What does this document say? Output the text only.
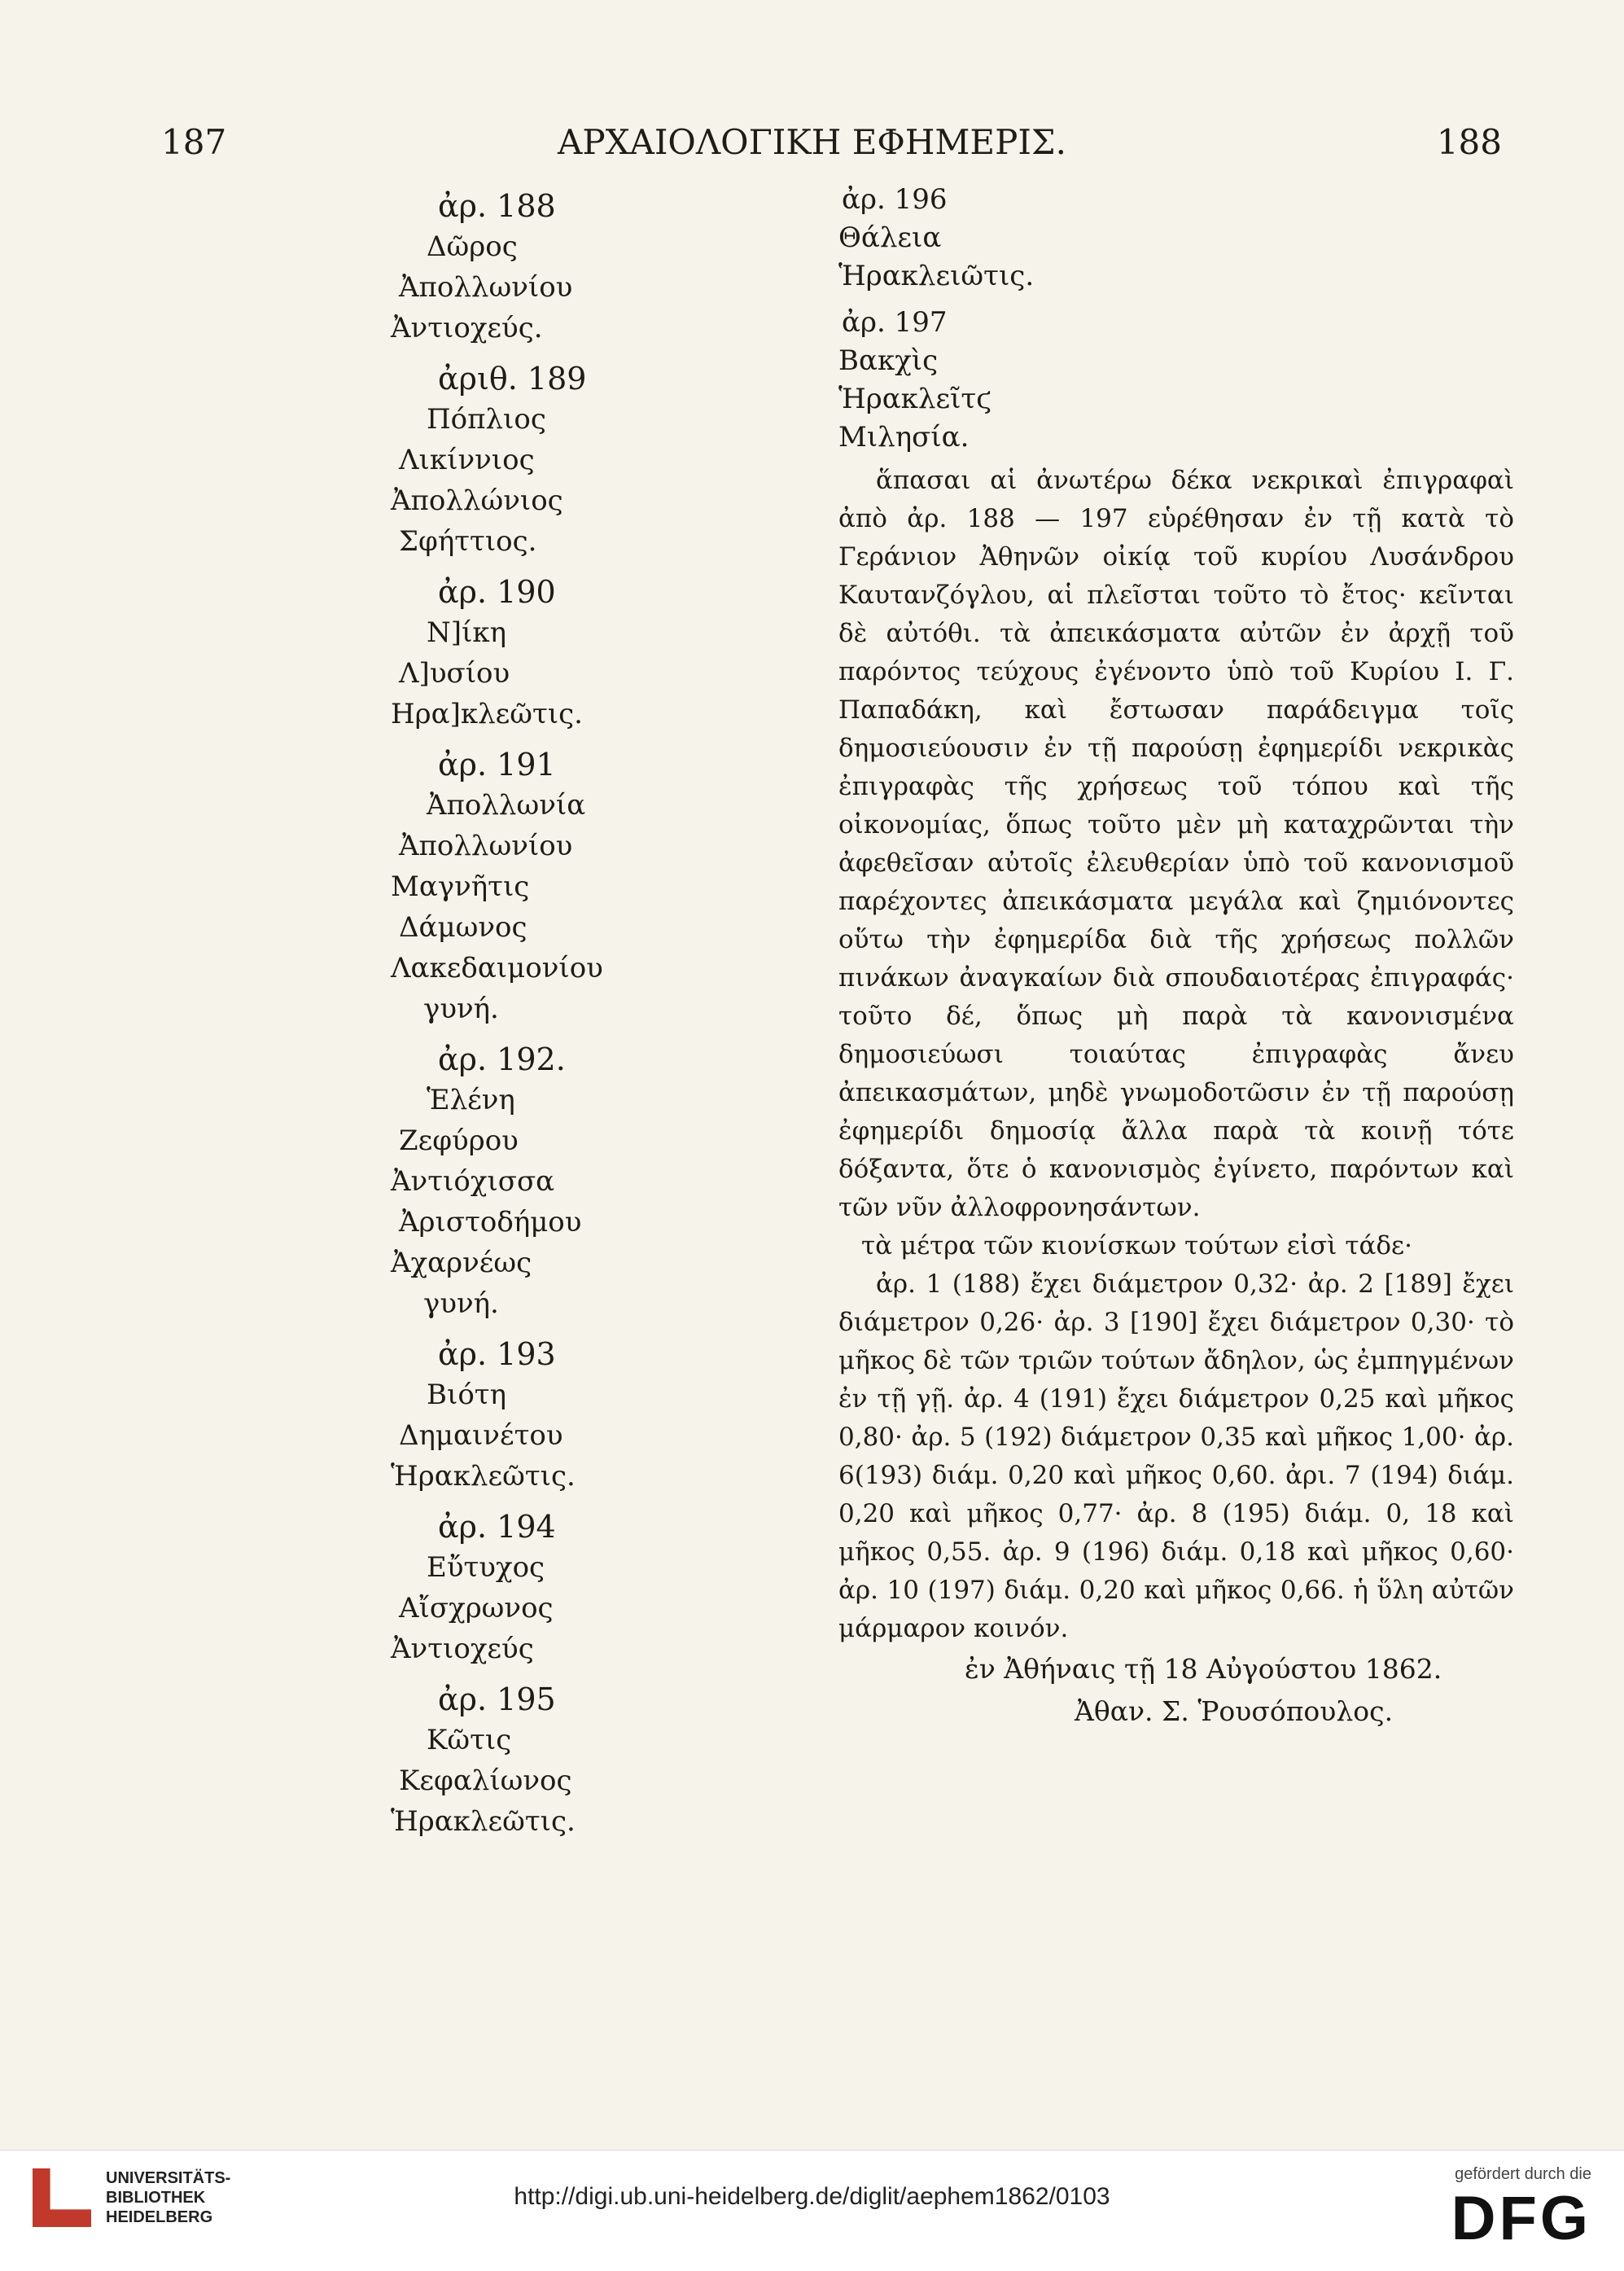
187	ΑΡΧΑΙΟΛΟΓΙΚΗ ΕΦΗΜΕΡΙΣ.	188
ἀρ. 188
Δῶρος
Ἀπολλωνίου
Ἀντιοχεύς.
ἀριθ. 189
Πόπλιος
Λικίννιος
Ἀπολλώνιος
Σφήττιος.
ἀρ. 190
Ν]ίκη
Λ]υσίου
Ηρα]κλεῶτις.
ἀρ. 191
Ἀπολλωνία
Ἀπολλωνίου
Μαγνῆτις
Δάμωνος
Λακεδαιμονίου
γυνή.
ἀρ. 192.
Ἑλένη
Ζεφύρου
Ἀντιόχισσα
Ἀριστοδήμου
Ἀχαρνέως
γυνή.
ἀρ. 193
Βιότη
Δημαινέτου
Ἡρακλεῶτις.
ἀρ. 194
Εὔτυχος
Αἴσχρωνος
Ἀντιοχεύς
ἀρ. 195
Κῶτις
Κεφαλίωνος
Ἡρακλεῶτις.
ἀρ. 196
Θάλεια
Ἡρακλειῶτις.
ἀρ. 197
Βακχὶς
Ἡρακλεῖτϛ
Μιλησία.

ἅπασαι αἱ ἀνωτέρω δέκα νεκρικαὶ ἐπιγραφαὶ ἀπὸ ἀρ. 188 — 197 εὑρέθησαν ἐν τῇ κατὰ τὸ Γεράνιον Ἀθηνῶν οἰκίᾳ τοῦ κυρίου Λυσάνδρου Καυτανζόγλου, αἱ πλεῖσται τοῦτο τὸ ἔτος· κεῖνται δὲ αὐτόθι. τὰ ἀπεικάσματα αὐτῶν ἐν ἀρχῇ τοῦ παρόντος τεύχους ἐγένοντο ὑπὸ τοῦ Κυρίου Ι. Γ. Παπαδάκη, καὶ ἔστωσαν παράδειγμα τοῖς δημοσιεύουσιν ἐν τῇ παρούσῃ ἐφημερίδι νεκρικὰς ἐπιγραφὰς τῆς χρήσεως τοῦ τόπου καὶ τῆς οἰκονομίας, ὅπως τοῦτο μὲν μὴ καταχρῶνται τὴν ἀφεθεῖσαν αὐτοῖς ἐλευθερίαν ὑπὸ τοῦ κανονισμοῦ παρέχοντες ἀπεικάσματα μεγάλα καὶ ζημιόνοντες οὕτω τὴν ἐφημερίδα διὰ τῆς χρήσεως πολλῶν πινάκων ἀναγκαίων διὰ σπουδαιοτέρας ἐπιγραφάς· τοῦτο δέ, ὅπως μὴ παρὰ τὰ κανονισμένα δημοσιεύωσι τοιαύτας ἐπιγραφὰς ἄνευ ἀπεικασμάτων, μηδὲ γνωμοδοτῶσιν ἐν τῇ παρούσῃ ἐφημερίδι δημοσίᾳ ἄλλα παρὰ τὰ κοινῇ τότε δόξαντα, ὅτε ὁ κανονισμὸς ἐγίνετο, παρόντων καὶ τῶν νῦν ἀλλοφρονησάντων.

τὰ μέτρα τῶν κιονίσκων τούτων εἰσὶ τάδε·

ἀρ. 1 (188) ἔχει διάμετρον 0,32· ἀρ. 2 [189] ἔχει διάμετρον 0,26· ἀρ. 3 [190] ἔχει διάμετρον 0,30· τὸ μῆκος δὲ τῶν τριῶν τούτων ἄδηλον, ὡς ἐμπηγμένων ἐν τῇ γῇ. ἀρ. 4 (191) ἔχει διάμετρον 0,25 καὶ μῆκος 0,80· ἀρ. 5 (192) διάμετρον 0,35 καὶ μῆκος 1,00· ἀρ. 6(193) διάμ. 0,20 καὶ μῆκος 0,60. ἀρι. 7 (194) διάμ. 0,20 καὶ μῆκος 0,77· ἀρ. 8 (195) διάμ. 0, 18 καὶ μῆκος 0,55. ἀρ. 9 (196) διάμ. 0,18 καὶ μῆκος 0,60· ἀρ. 10 (197) διάμ. 0,20 καὶ μῆκος 0,66. ἡ ὕλη αὐτῶν μάρμαρον κοινόν.

ἐν Ἀθήναις τῇ 18 Αὐγούστου 1862.
Ἀθαν. Σ. Ῥουσόπουλος.
UNIVERSITÄTS-
BIBLIOTHEK
HEIDELBERG
http://digi.ub.uni-heidelberg.de/diglit/aephem1862/0103
gefördert durch die
DFG
